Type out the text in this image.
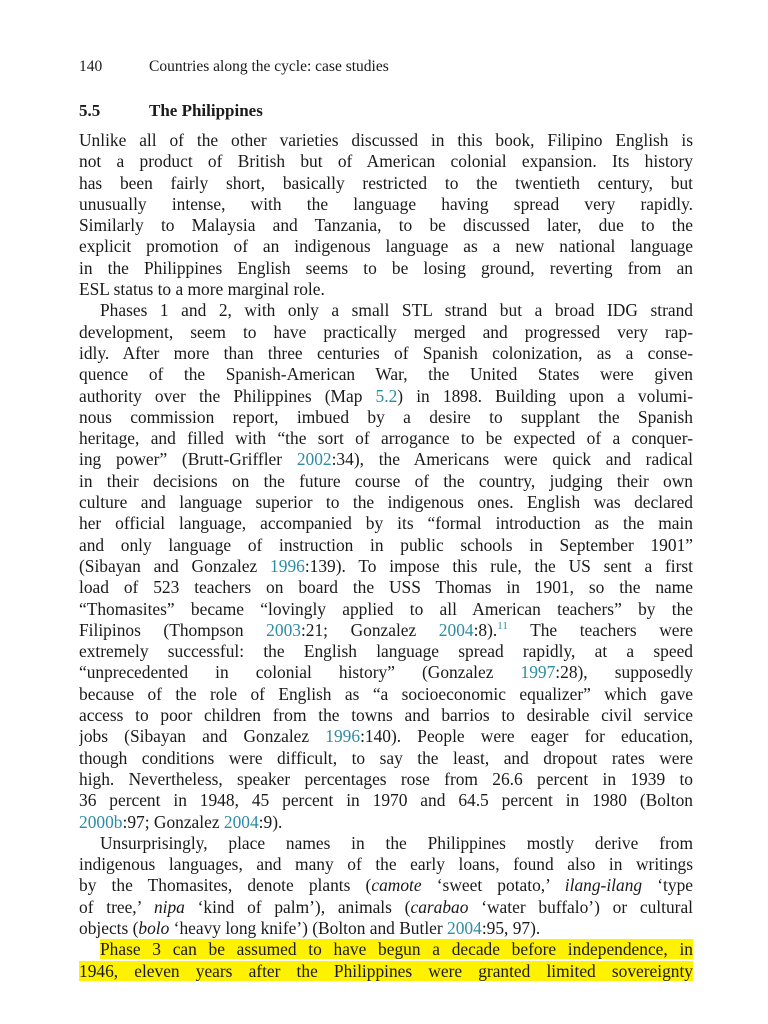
140	Countries along the cycle: case studies
5.5	The Philippines
Unlike all of the other varieties discussed in this book, Filipino English is
not a product of British but of American colonial expansion. Its history
has been fairly short, basically restricted to the twentieth century, but
unusually intense, with the language having spread very rapidly.
Similarly to Malaysia and Tanzania, to be discussed later, due to the
explicit promotion of an indigenous language as a new national language
in the Philippines English seems to be losing ground, reverting from an
ESL status to a more marginal role.
Phases 1 and 2, with only a small STL strand but a broad IDG strand
development, seem to have practically merged and progressed very rap-
idly. After more than three centuries of Spanish colonization, as a conse-
quence of the Spanish-American War, the United States were given
authority over the Philippines (Map 5.2) in 1898. Building upon a volumi-
nous commission report, imbued by a desire to supplant the Spanish
heritage, and filled with “the sort of arrogance to be expected of a conquer-
ing power” (Brutt-Griffler 2002:34), the Americans were quick and radical
in their decisions on the future course of the country, judging their own
culture and language superior to the indigenous ones. English was declared
her official language, accompanied by its “formal introduction as the main
and only language of instruction in public schools in September 1901”
(Sibayan and Gonzalez 1996:139). To impose this rule, the US sent a first
load of 523 teachers on board the USS Thomas in 1901, so the name
“Thomasites” became “lovingly applied to all American teachers” by the
Filipinos (Thompson 2003:21; Gonzalez 2004:8).$^{11}$ The teachers were
extremely successful: the English language spread rapidly, at a speed
“unprecedented in colonial history” (Gonzalez 1997:28), supposedly
because of the role of English as “a socioeconomic equalizer” which gave
access to poor children from the towns and barrios to desirable civil service
jobs (Sibayan and Gonzalez 1996:140). People were eager for education,
though conditions were difficult, to say the least, and dropout rates were
high. Nevertheless, speaker percentages rose from 26.6 percent in 1939 to
36 percent in 1948, 45 percent in 1970 and 64.5 percent in 1980 (Bolton
2000b:97; Gonzalez 2004:9).
Unsurprisingly, place names in the Philippines mostly derive from
indigenous languages, and many of the early loans, found also in writings
by the Thomasites, denote plants (camote ‘sweet potato,’ ilang-ilang ‘type
of tree,’ nipa ‘kind of palm’), animals (carabao ‘water buffalo’) or cultural
objects (bolo ‘heavy long knife’) (Bolton and Butler 2004:95, 97).
Phase 3 can be assumed to have begun a decade before independence, in
1946, eleven years after the Philippines were granted limited sovereignty
